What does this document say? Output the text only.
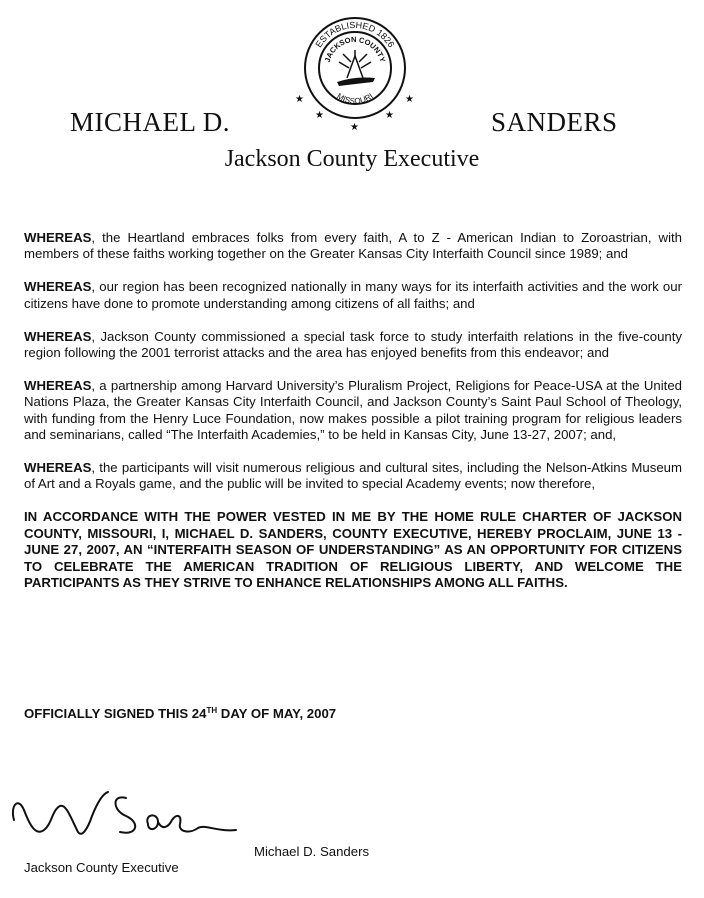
ESTABLISHED 1826
JACKSON COUNTY
MISSOURI
★	★
★	★
★
MICHAEL D.	SANDERS
Jackson County Executive

WHEREAS, the Heartland embraces folks from every faith, A to Z - American Indian to Zoroastrian, with members of these faiths working together on the Greater Kansas City Interfaith Council since 1989; and

WHEREAS, our region has been recognized nationally in many ways for its interfaith activities and the work our citizens have done to promote understanding among citizens of all faiths; and

WHEREAS, Jackson County commissioned a special task force to study interfaith relations in the five-county region following the 2001 terrorist attacks and the area has enjoyed benefits from this endeavor; and

WHEREAS, a partnership among Harvard University’s Pluralism Project, Religions for Peace-USA at the United Nations Plaza, the Greater Kansas City Interfaith Council, and Jackson County’s Saint Paul School of Theology, with funding from the Henry Luce Foundation, now makes possible a pilot training program for religious leaders and seminarians, called “The Interfaith Academies,” to be held in Kansas City, June 13-27, 2007; and,

WHEREAS, the participants will visit numerous religious and cultural sites, including the Nelson-Atkins Museum of Art and a Royals game, and the public will be invited to special Academy events; now therefore,

IN ACCORDANCE WITH THE POWER VESTED IN ME BY THE HOME RULE CHARTER OF JACKSON COUNTY, MISSOURI, I, MICHAEL D. SANDERS, COUNTY EXECUTIVE, HEREBY PROCLAIM, JUNE 13 - JUNE 27, 2007, AN “INTERFAITH SEASON OF UNDERSTANDING” AS AN OPPORTUNITY FOR CITIZENS TO CELEBRATE THE AMERICAN TRADITION OF RELIGIOUS LIBERTY, AND WELCOME THE PARTICIPANTS AS THEY STRIVE TO ENHANCE RELATIONSHIPS AMONG ALL FAITHS.

OFFICIALLY SIGNED THIS 24TH DAY OF MAY, 2007
Michael D. Sanders
Jackson County Executive
